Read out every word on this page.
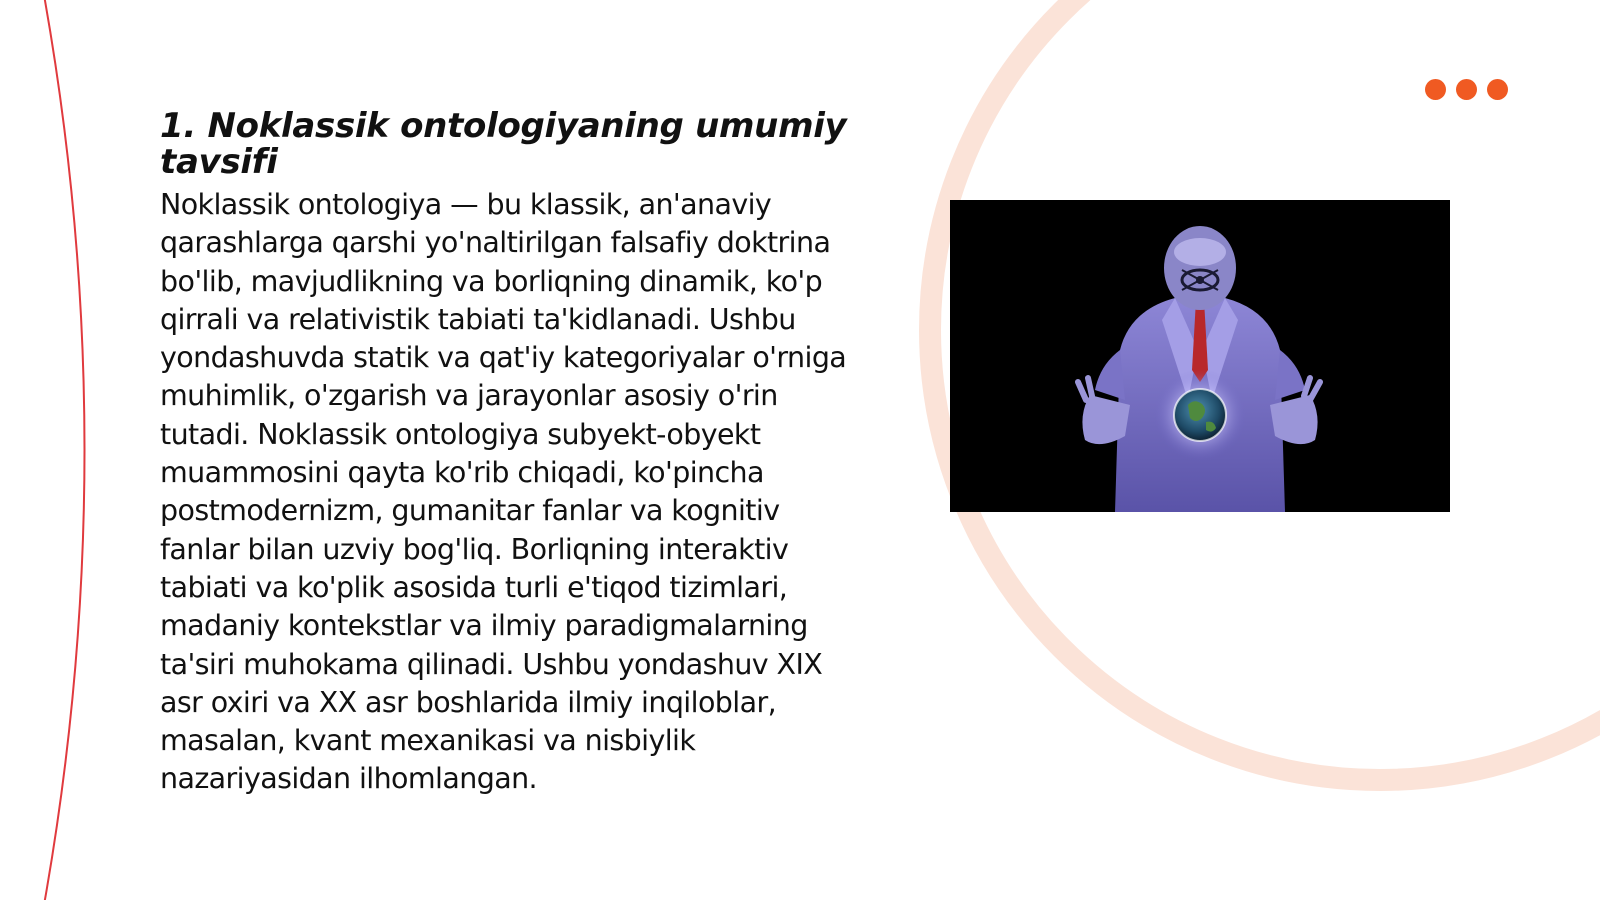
1. Noklassik ontologiyaning umumiy tavsifi

Noklassik ontologiya — bu klassik, an'anaviy qarashlarga qarshi yo'naltirilgan falsafiy doktrina bo'lib, mavjudlikning va borliqning dinamik, ko'p qirrali va relativistik tabiati ta'kidlanadi. Ushbu yondashuvda statik va qat'iy kategoriyalar o'rniga muhimlik, o'zgarish va jarayonlar asosiy o'rin tutadi. Noklassik ontologiya subyekt-obyekt muammosini qayta ko'rib chiqadi, ko'pincha postmodernizm, gumanitar fanlar va kognitiv fanlar bilan uzviy bog'liq. Borliqning interaktiv tabiati va ko'plik asosida turli e'tiqod tizimlari, madaniy kontekstlar va ilmiy paradigmalarning ta'siri muhokama qilinadi. Ushbu yondashuv XIX asr oxiri va XX asr boshlarida ilmiy inqiloblar, masalan, kvant mexanikasi va nisbiylik nazariyasidan ilhomlangan.
